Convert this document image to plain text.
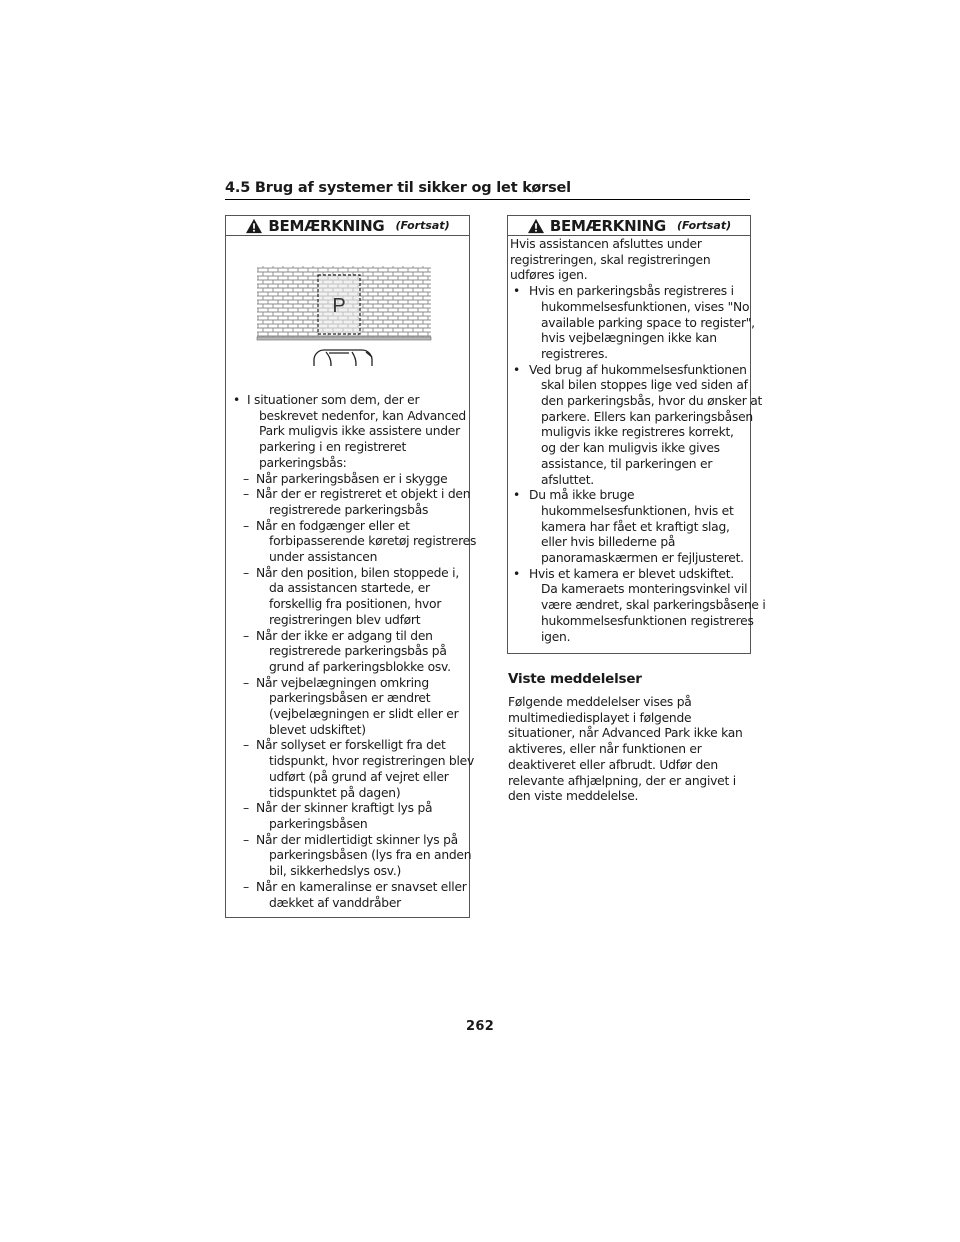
4.5 Brug af systemer til sikker og let kørsel
BEMÆRKNING (Fortsat)
P
• I situationer som dem, der er
beskrevet nedenfor, kan Advanced
Park muligvis ikke assistere under
parkering i en registreret
parkeringsbås:
– Når parkeringsbåsen er i skygge
– Når der er registreret et objekt i den
registrerede parkeringsbås
– Når en fodgænger eller et
forbipasserende køretøj registreres
under assistancen
– Når den position, bilen stoppede i,
da assistancen startede, er
forskellig fra positionen, hvor
registreringen blev udført
– Når der ikke er adgang til den
registrerede parkeringsbås på
grund af parkeringsblokke osv.
– Når vejbelægningen omkring
parkeringsbåsen er ændret
(vejbelægningen er slidt eller er
blevet udskiftet)
– Når sollyset er forskelligt fra det
tidspunkt, hvor registreringen blev
udført (på grund af vejret eller
tidspunktet på dagen)
– Når der skinner kraftigt lys på
parkeringsbåsen
– Når der midlertidigt skinner lys på
parkeringsbåsen (lys fra en anden
bil, sikkerhedslys osv.)
– Når en kameralinse er snavset eller
dækket af vanddråber
BEMÆRKNING (Fortsat)
Hvis assistancen afsluttes under
registreringen, skal registreringen
udføres igen.
• Hvis en parkeringsbås registreres i
hukommelsesfunktionen, vises "No
available parking space to register",
hvis vejbelægningen ikke kan
registreres.
• Ved brug af hukommelsesfunktionen
skal bilen stoppes lige ved siden af
den parkeringsbås, hvor du ønsker at
parkere. Ellers kan parkeringsbåsen
muligvis ikke registreres korrekt,
og der kan muligvis ikke gives
assistance, til parkeringen er
afsluttet.
• Du må ikke bruge
hukommelsesfunktionen, hvis et
kamera har fået et kraftigt slag,
eller hvis billederne på
panoramaskærmen er fejljusteret.
• Hvis et kamera er blevet udskiftet.
Da kameraets monteringsvinkel vil
være ændret, skal parkeringsbåsene i
hukommelsesfunktionen registreres
igen.
Viste meddelelser
Følgende meddelelser vises på
multimediedisplayet i følgende
situationer, når Advanced Park ikke kan
aktiveres, eller når funktionen er
deaktiveret eller afbrudt. Udfør den
relevante afhjælpning, der er angivet i
den viste meddelelse.
262
